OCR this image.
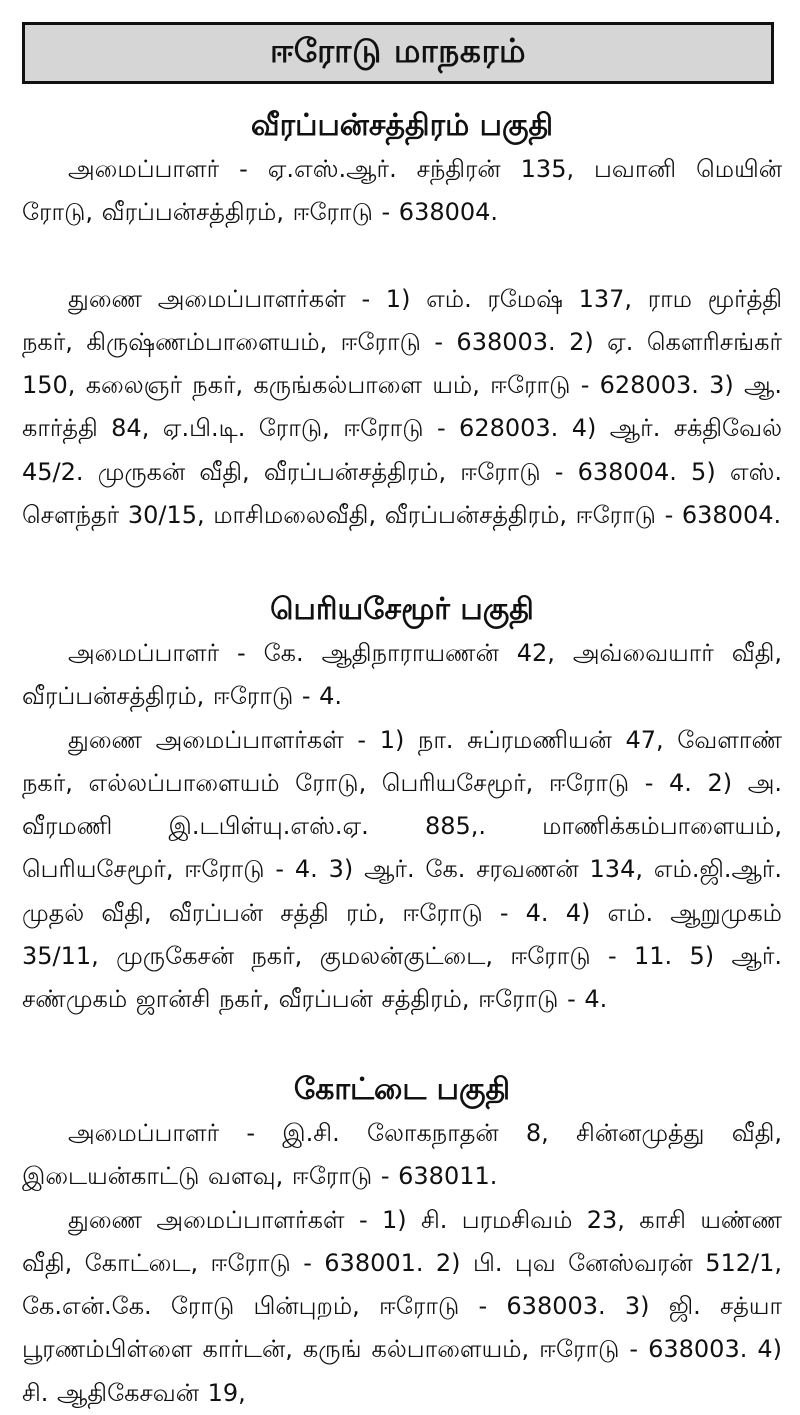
ஈரோடு மாநகரம்

வீரப்பன்சத்திரம் பகுதி

அமைப்பாளர் - ஏ.எஸ்.ஆர். சந்திரன் 135, பவானி மெயின் ரோடு, வீரப்பன்சத்திரம், ஈரோடு - 638004.

துணை அமைப்பாளர்கள் - 1) எம். ரமேஷ் 137, ராம மூர்த்தி நகர், கிருஷ்ணம்பாளையம், ஈரோடு - 638003. 2) ஏ. கௌரிசங்கர் 150, கலைஞர் நகர், கருங்கல்பாளை யம், ஈரோடு - 628003. 3) ஆ. கார்த்தி 84, ஏ.பி.டி. ரோடு, ஈரோடு - 628003. 4) ஆர். சக்திவேல் 45/2. முருகன் வீதி, வீரப்பன்சத்திரம், ஈரோடு - 638004. 5) எஸ். சௌந்தர் 30/15, மாசிமலைவீதி, வீரப்பன்சத்திரம், ஈரோடு - 638004.

பெரியசேமூர் பகுதி

அமைப்பாளர் - கே. ஆதிநாராயணன் 42, அவ்வையார் வீதி, வீரப்பன்சத்திரம், ஈரோடு - 4.

துணை அமைப்பாளர்கள் - 1) நா. சுப்ரமணியன் 47, வேளாண் நகர், எல்லப்பாளையம் ரோடு, பெரியசேமூர், ஈரோடு - 4. 2) அ. வீரமணி இ.டபிள்யு.எஸ்.ஏ. 885,. மாணிக்கம்பாளையம், பெரியசேமூர், ஈரோடு - 4. 3) ஆர். கே. சரவணன் 134, எம்.ஜி.ஆர். முதல் வீதி, வீரப்பன் சத்தி ரம், ஈரோடு - 4. 4) எம். ஆறுமுகம் 35/11, முருகேசன் நகர், குமலன்குட்டை, ஈரோடு - 11. 5) ஆர். சண்முகம் ஜான்சி நகர், வீரப்பன் சத்திரம், ஈரோடு - 4.

கோட்டை பகுதி

அமைப்பாளர் - இ.சி. லோகநாதன் 8, சின்னமுத்து வீதி, இடையன்காட்டு வளவு, ஈரோடு - 638011.

துணை அமைப்பாளர்கள் - 1) சி. பரமசிவம் 23, காசி யண்ண வீதி, கோட்டை, ஈரோடு - 638001. 2) பி. புவ னேஸ்வரன் 512/1, கே.என்.கே. ரோடு பின்புறம், ஈரோடு - 638003. 3) ஜி. சத்யா பூரணம்பிள்ளை கார்டன், கருங் கல்பாளையம், ஈரோடு - 638003. 4) சி. ஆதிகேசவன் 19,
